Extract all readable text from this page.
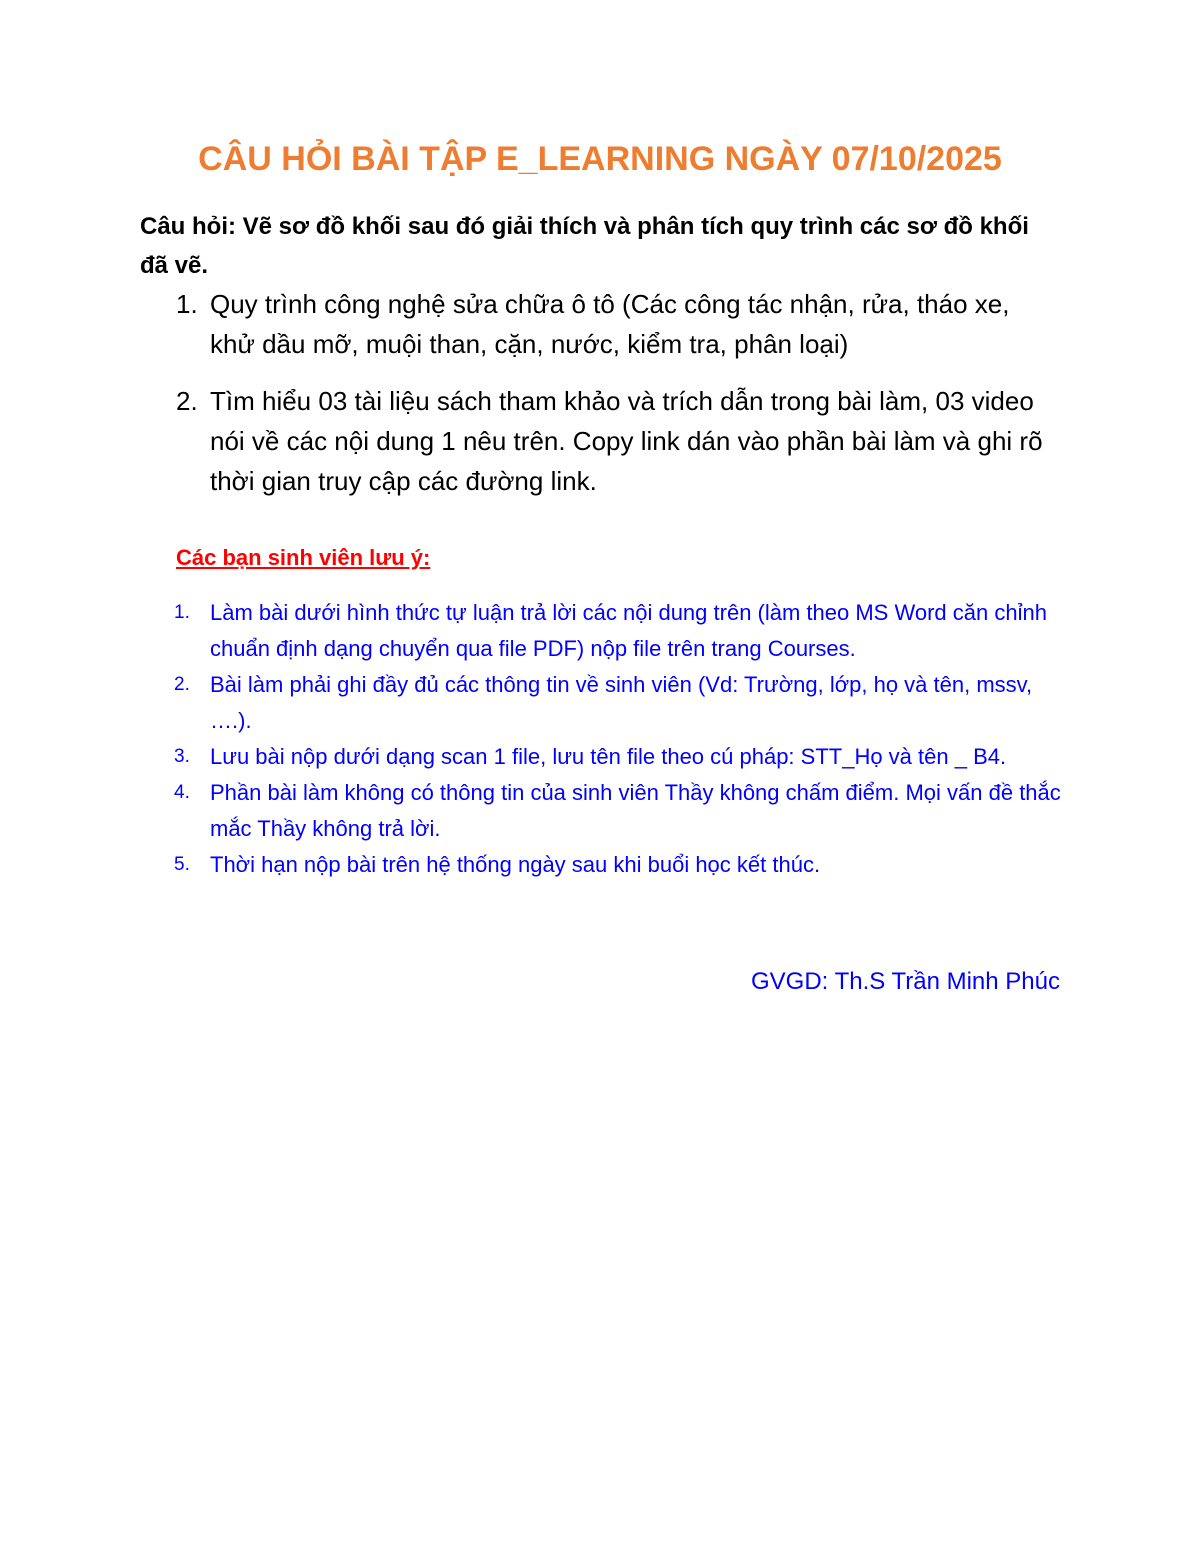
CÂU HỎI BÀI TẬP E_LEARNING NGÀY 07/10/2025
Câu hỏi: Vẽ sơ đồ khối sau đó giải thích và phân tích quy trình các sơ đồ khối đã vẽ.
1. Quy trình công nghệ sửa chữa ô tô (Các công tác nhận, rửa, tháo xe, khử dầu mỡ, muội than, cặn, nước, kiểm tra, phân loại)
2. Tìm hiểu 03 tài liệu sách tham khảo và trích dẫn trong bài làm, 03 video nói về các nội dung 1 nêu trên. Copy link dán vào phần bài làm và ghi rõ thời gian truy cập các đường link.
Các bạn sinh viên lưu ý:
1. Làm bài dưới hình thức tự luận trả lời các nội dung trên (làm theo MS Word căn chỉnh chuẩn định dạng chuyển qua file PDF) nộp file trên trang Courses.
2. Bài làm phải ghi đầy đủ các thông tin về sinh viên (Vd: Trường, lớp, họ và tên, mssv, ….).
3. Lưu bài nộp dưới dạng scan 1 file, lưu tên file theo cú pháp: STT_Họ và tên _ B4.
4. Phần bài làm không có thông tin của sinh viên Thầy không chấm điểm. Mọi vấn đề thắc mắc Thầy không trả lời.
5. Thời hạn nộp bài trên hệ thống ngày sau khi buổi học kết thúc.
GVGD: Th.S Trần Minh Phúc
